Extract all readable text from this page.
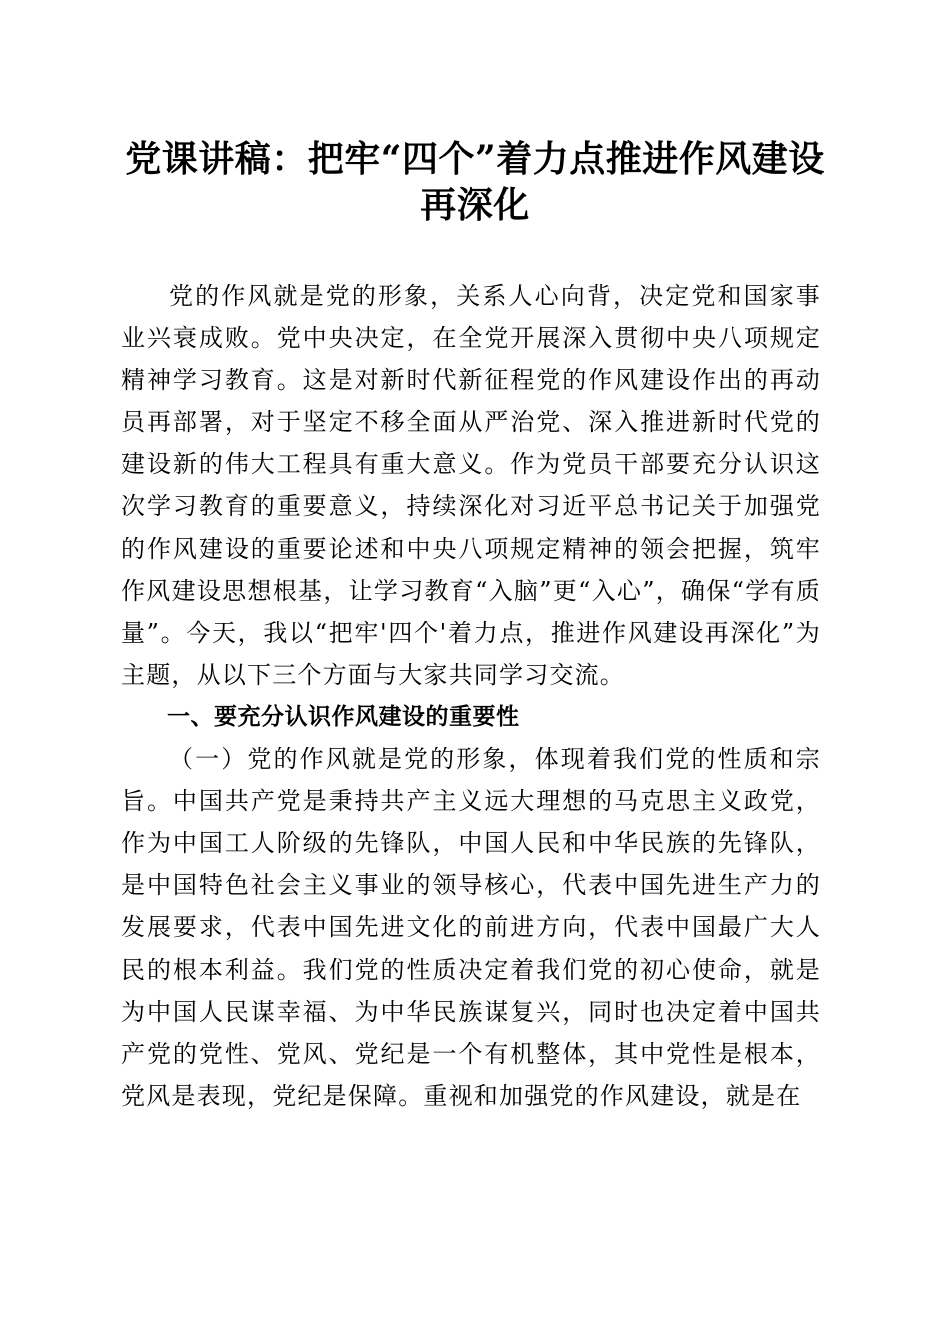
党课讲稿：把牢“四个”着力点推进作风建设
再深化

党的作风就是党的形象，关系人心向背，决定党和国家事业兴衰成败。党中央决定，在全党开展深入贯彻中央八项规定精神学习教育。这是对新时代新征程党的作风建设作出的再动员再部署，对于坚定不移全面从严治党、深入推进新时代党的建设新的伟大工程具有重大意义。作为党员干部要充分认识这次学习教育的重要意义，持续深化对习近平总书记关于加强党的作风建设的重要论述和中央八项规定精神的领会把握，筑牢作风建设思想根基，让学习教育“入脑”更“入心”，确保“学有质量”。今天，我以“把牢'四个'着力点，推进作风建设再深化”为主题，从以下三个方面与大家共同学习交流。

一、要充分认识作风建设的重要性

（一）党的作风就是党的形象，体现着我们党的性质和宗旨。中国共产党是秉持共产主义远大理想的马克思主义政党，作为中国工人阶级的先锋队，中国人民和中华民族的先锋队，是中国特色社会主义事业的领导核心，代表中国先进生产力的发展要求，代表中国先进文化的前进方向，代表中国最广大人民的根本利益。我们党的性质决定着我们党的初心使命，就是为中国人民谋幸福、为中华民族谋复兴，同时也决定着中国共产党的党性、党风、党纪是一个有机整体，其中党性是根本，党风是表现，党纪是保障。重视和加强党的作风建设，就是在
